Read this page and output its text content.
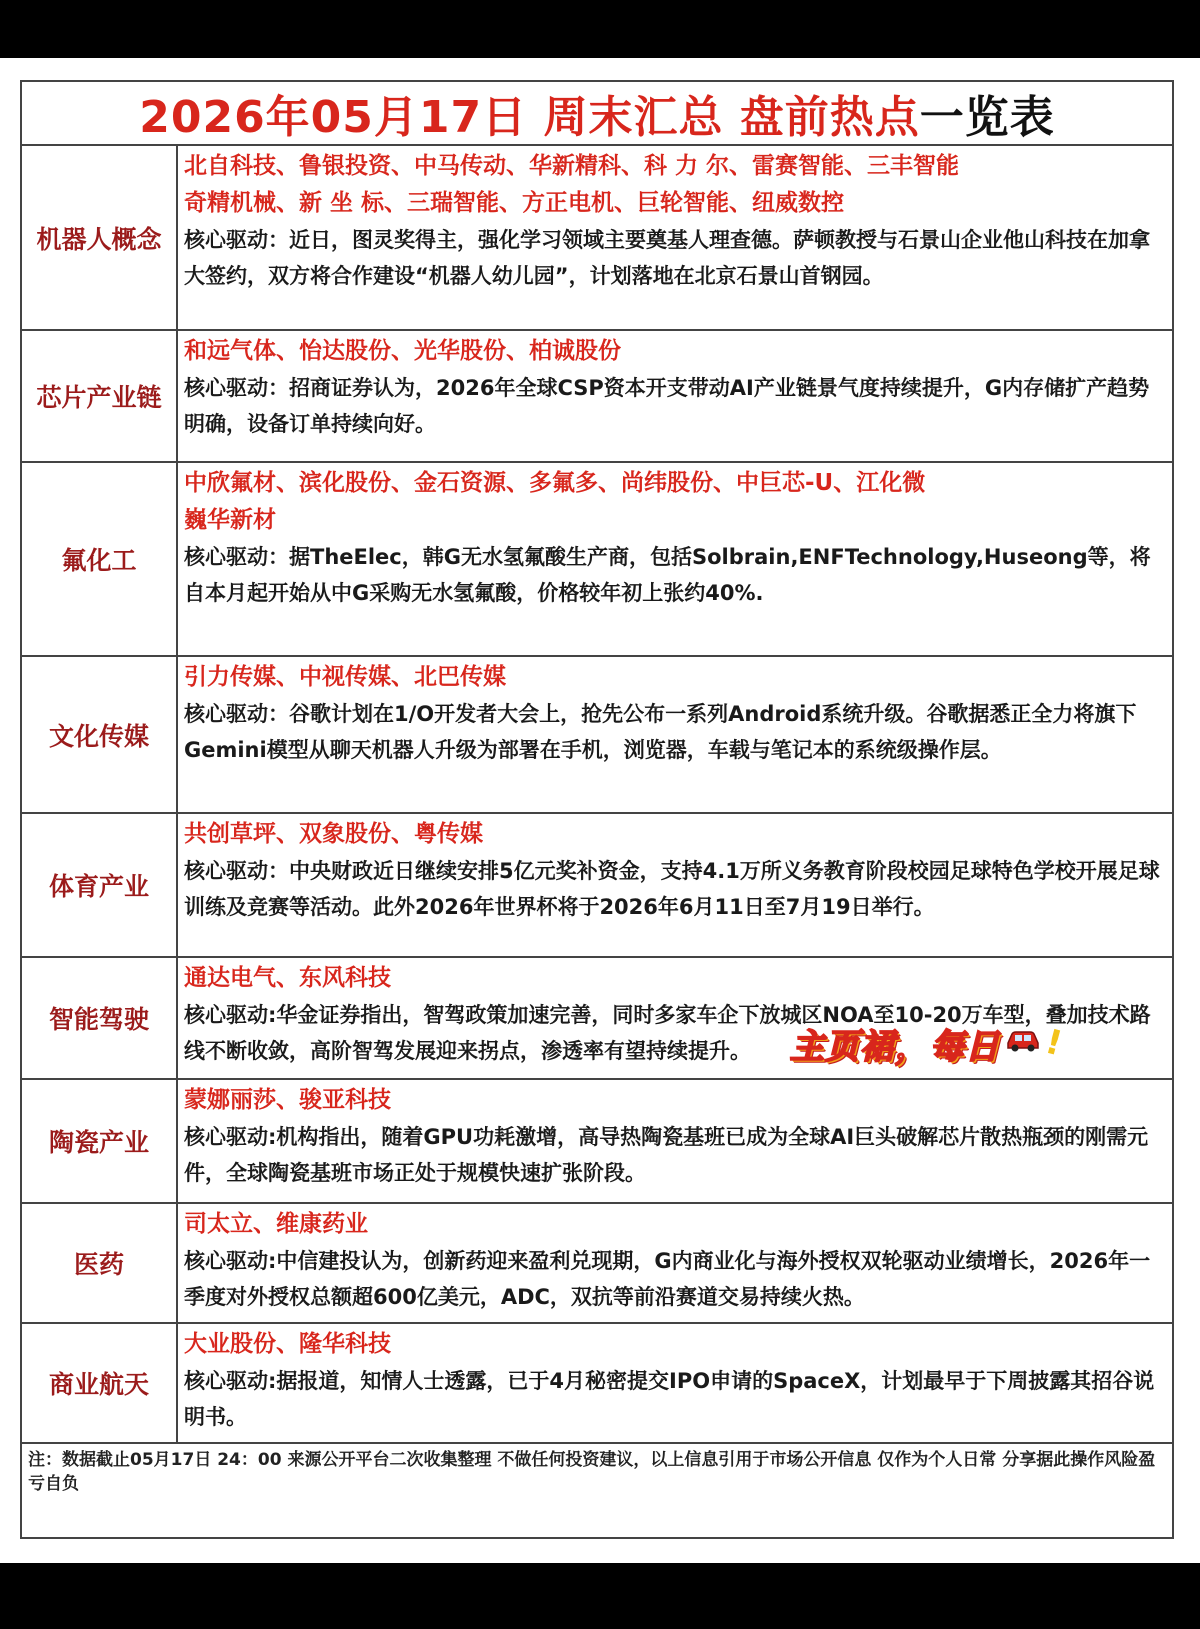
2026年05月17日 周末汇总 盘前热点 一览表
机器人概念

北自科技、鲁银投资、中马传动、华新精科、科 力 尔、雷赛智能、三丰智能

奇精机械、新 坐 标、三瑞智能、方正电机、巨轮智能、纽威数控

核心驱动：近日，图灵奖得主，强化学习领域主要奠基人理查德。萨顿教授与石景山企业他山科技在加拿大签约，双方将合作建设“机器人幼儿园”，计划落地在北京石景山首钢园。

芯片产业链

和远气体、怡达股份、光华股份、柏诚股份

核心驱动：招商证券认为，2026年全球CSP资本开支带动AI产业链景气度持续提升，G内存储扩产趋势明确，设备订单持续向好。

氟化工

中欣氟材、滨化股份、金石资源、多氟多、尚纬股份、中巨芯-U、江化微

巍华新材

核心驱动：据TheElec，韩G无水氢氟酸生产商，包括Solbrain,ENFTechnology,Huseong等，将自本月起开始从中G采购无水氢氟酸，价格较年初上张约40%.

文化传媒

引力传媒、中视传媒、北巴传媒

核心驱动：谷歌计划在1/O开发者大会上，抢先公布一系列Android系统升级。谷歌据悉正全力将旗下Gemini模型从聊天机器人升级为部署在手机，浏览器，车载与笔记本的系统级操作层。

体育产业

共创草坪、双象股份、粤传媒

核心驱动：中央财政近日继续安排5亿元奖补资金，支持4.1万所义务教育阶段校园足球特色学校开展足球训练及竞赛等活动。此外2026年世界杯将于2026年6月11日至7月19日举行。

智能驾驶

通达电气、东风科技

核心驱动:华金证券指出，智驾政策加速完善，同时多家车企下放城区NOA至10-20万车型，叠加技术路线不断收敛，高阶智驾发展迎来拐点，渗透率有望持续提升。

陶瓷产业

蒙娜丽莎、骏亚科技

核心驱动:机构指出，随着GPU功耗激增，高导热陶瓷基班已成为全球AI巨头破解芯片散热瓶颈的刚需元件，全球陶瓷基班市场正处于规模快速扩张阶段。

医药

司太立、维康药业

核心驱动:中信建投认为，创新药迎来盈利兑现期，G内商业化与海外授权双轮驱动业绩增长，2026年一季度对外授权总额超600亿美元，ADC，双抗等前沿赛道交易持续火热。

商业航天

大业股份、隆华科技

核心驱动:据报道，知情人士透露，已于4月秘密提交IPO申请的SpaceX，计划最早于下周披露其招谷说明书。

注：数据截止05月17日 24：00 来源公开平台二次收集整理 不做任何投资建议，以上信息引用于市场公开信息 仅作为个人日常 分享据此操作风险盈亏自负
主页裙，每日 !
